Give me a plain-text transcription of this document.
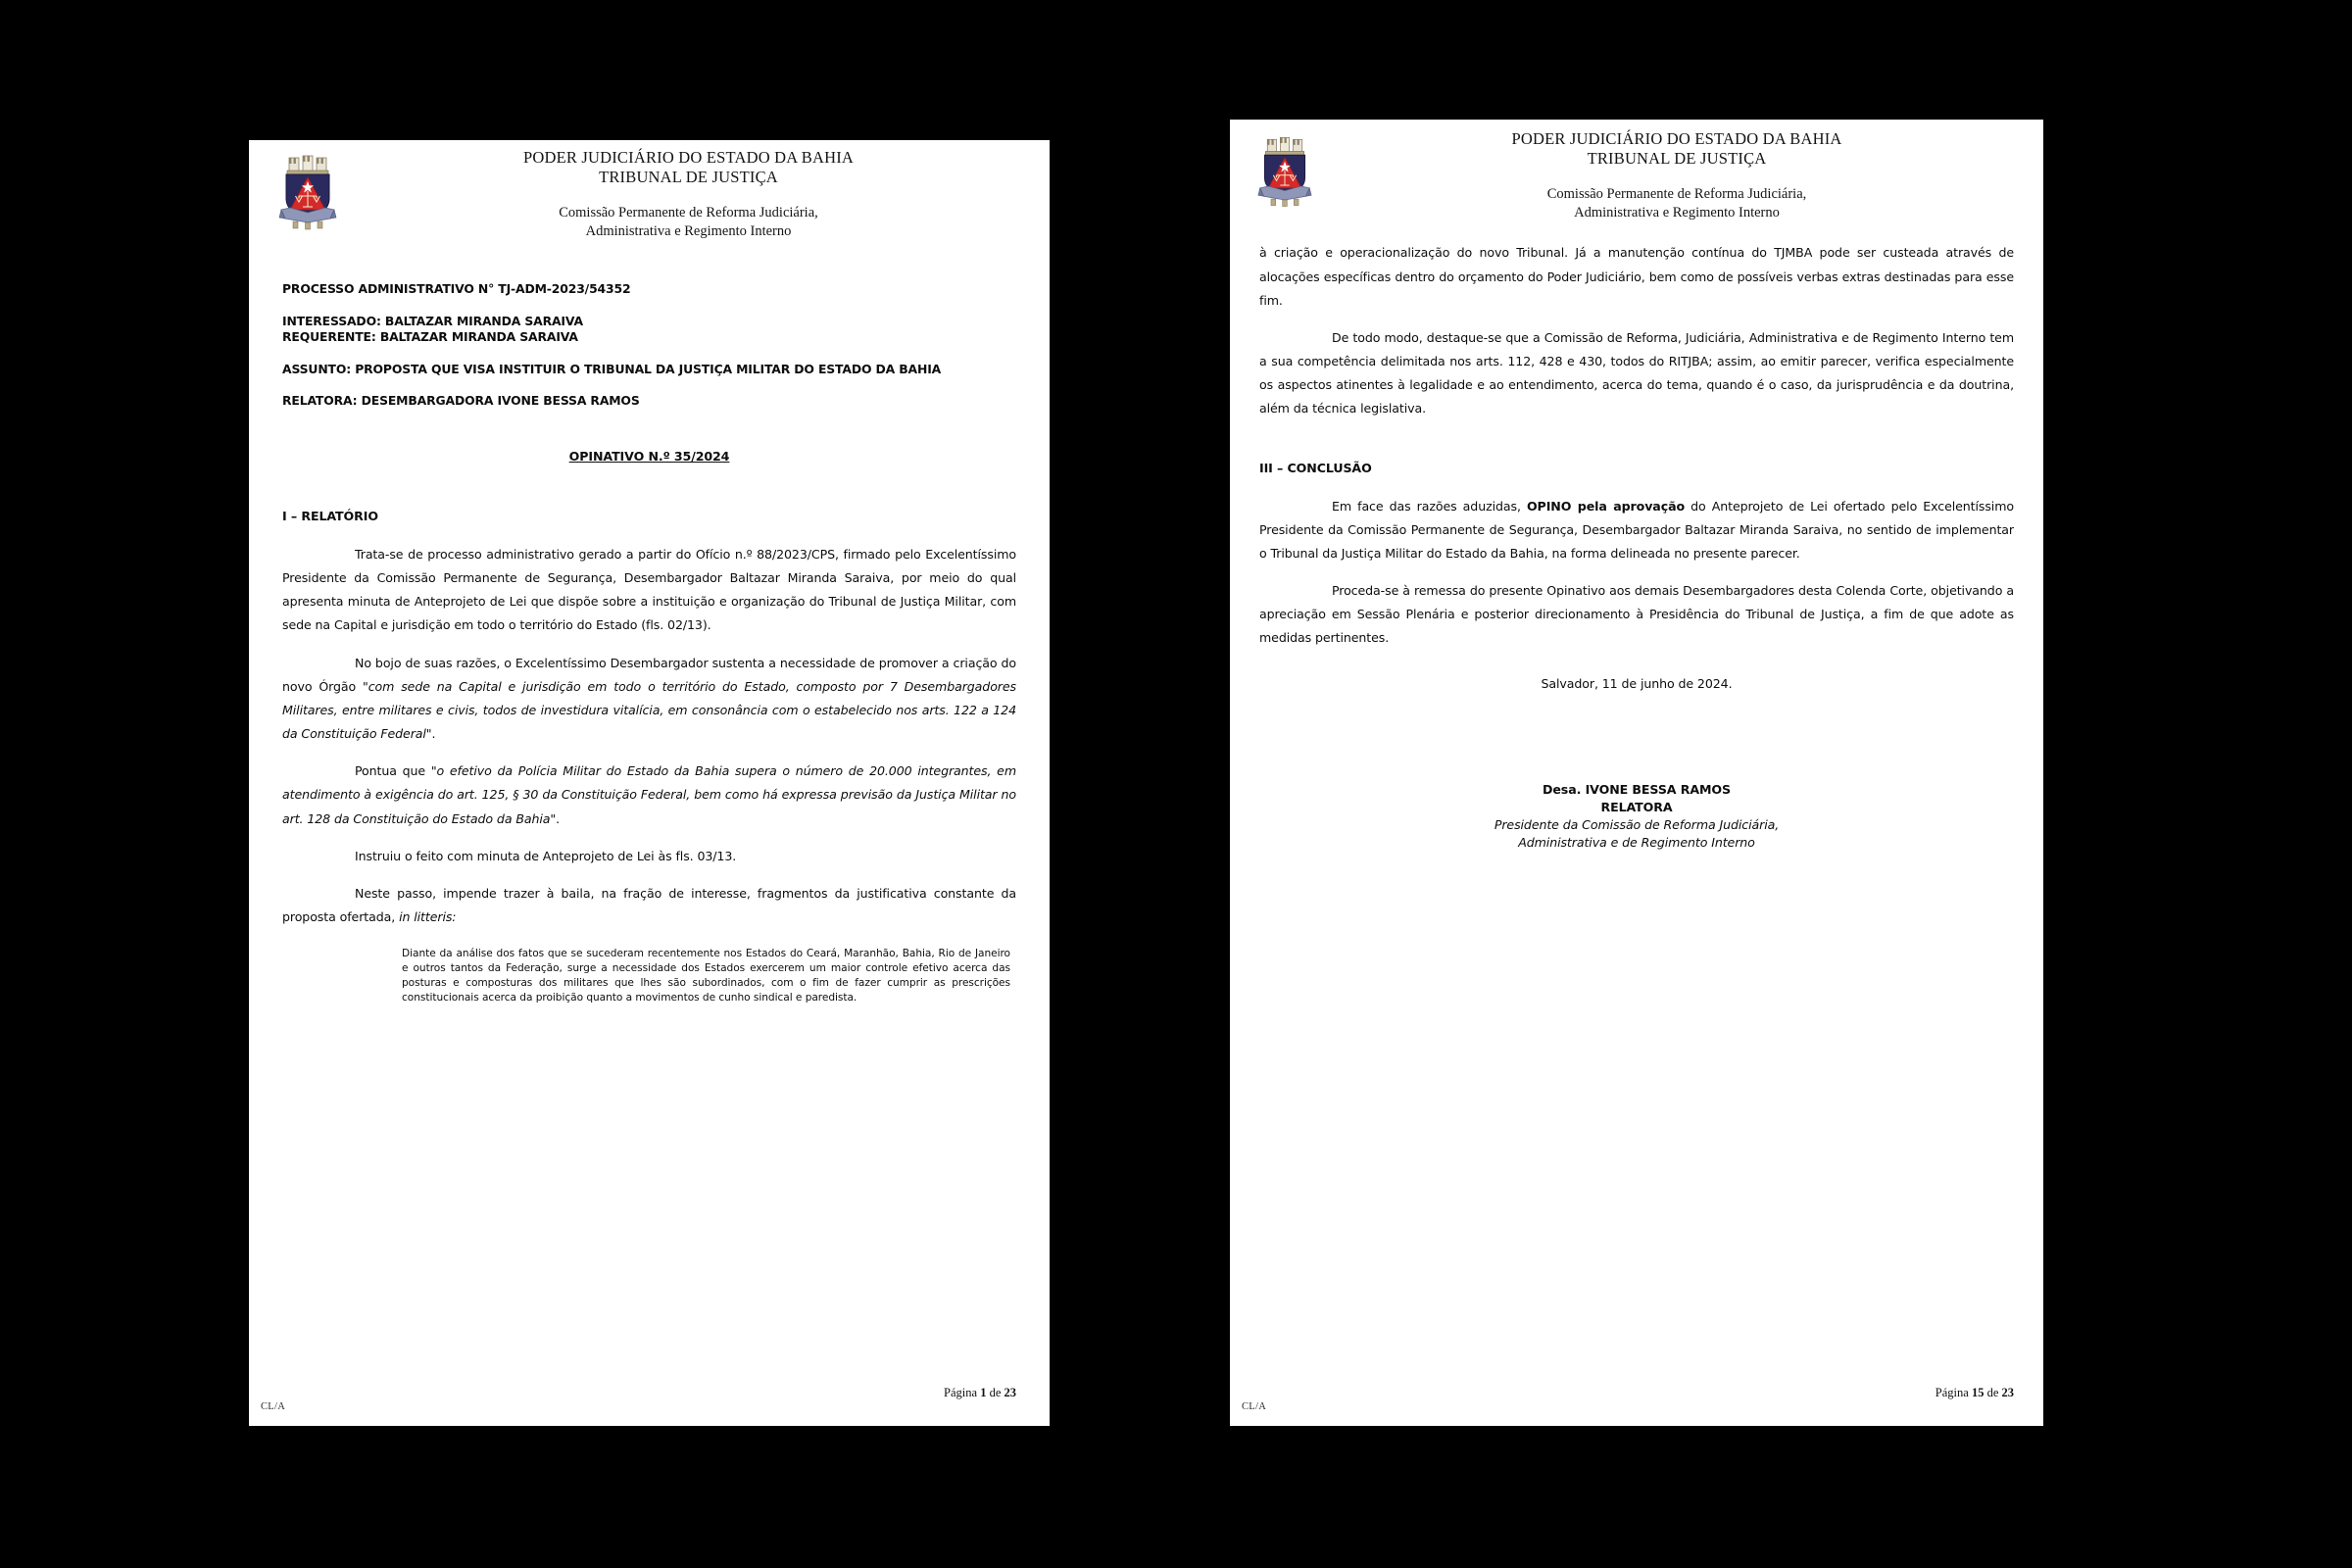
PODER JUDICIÁRIO DO ESTADO DA BAHIA
TRIBUNAL DE JUSTIÇA
Comissão Permanente de Reforma Judiciária,
Administrativa e Regimento Interno
PROCESSO ADMINISTRATIVO N° TJ-ADM-2023/54352
INTERESSADO: BALTAZAR MIRANDA SARAIVA
REQUERENTE: BALTAZAR MIRANDA SARAIVA
ASSUNTO: PROPOSTA QUE VISA INSTITUIR O TRIBUNAL DA JUSTIÇA MILITAR DO ESTADO DA BAHIA
RELATORA: DESEMBARGADORA IVONE BESSA RAMOS
OPINATIVO N.º 35/2024
I – RELATÓRIO

Trata-se de processo administrativo gerado a partir do Ofício n.º 88/2023/CPS, firmado pelo Excelentíssimo Presidente da Comissão Permanente de Segurança, Desembargador Baltazar Miranda Saraiva, por meio do qual apresenta minuta de Anteprojeto de Lei que dispõe sobre a instituição e organização do Tribunal de Justiça Militar, com sede na Capital e jurisdição em todo o território do Estado (fls. 02/13).

No bojo de suas razões, o Excelentíssimo Desembargador sustenta a necessidade de promover a criação do novo Órgão "com sede na Capital e jurisdição em todo o território do Estado, composto por 7 Desembargadores Militares, entre militares e civis, todos de investidura vitalícia, em consonância com o estabelecido nos arts. 122 a 124 da Constituição Federal".

Pontua que "o efetivo da Polícia Militar do Estado da Bahia supera o número de 20.000 integrantes, em atendimento à exigência do art. 125, § 30 da Constituição Federal, bem como há expressa previsão da Justiça Militar no art. 128 da Constituição do Estado da Bahia".

Instruiu o feito com minuta de Anteprojeto de Lei às fls. 03/13.

Neste passo, impende trazer à baila, na fração de interesse, fragmentos da justificativa constante da proposta ofertada, in litteris:

Diante da análise dos fatos que se sucederam recentemente nos Estados do Ceará, Maranhão, Bahia, Rio de Janeiro e outros tantos da Federação, surge a necessidade dos Estados exercerem um maior controle efetivo acerca das posturas e composturas dos militares que lhes são subordinados, com o fim de fazer cumprir as prescrições constitucionais acerca da proibição quanto a movimentos de cunho sindical e paredista.
Página 1 de 23
CL/A
PODER JUDICIÁRIO DO ESTADO DA BAHIA
TRIBUNAL DE JUSTIÇA
Comissão Permanente de Reforma Judiciária,
Administrativa e Regimento Interno

à criação e operacionalização do novo Tribunal. Já a manutenção contínua do TJMBA pode ser custeada através de alocações específicas dentro do orçamento do Poder Judiciário, bem como de possíveis verbas extras destinadas para esse fim.

De todo modo, destaque-se que a Comissão de Reforma, Judiciária, Administrativa e de Regimento Interno tem a sua competência delimitada nos arts. 112, 428 e 430, todos do RITJBA; assim, ao emitir parecer, verifica especialmente os aspectos atinentes à legalidade e ao entendimento, acerca do tema, quando é o caso, da jurisprudência e da doutrina, além da técnica legislativa.

III – CONCLUSÃO

Em face das razões aduzidas, OPINO pela aprovação do Anteprojeto de Lei ofertado pelo Excelentíssimo Presidente da Comissão Permanente de Segurança, Desembargador Baltazar Miranda Saraiva, no sentido de implementar o Tribunal da Justiça Militar do Estado da Bahia, na forma delineada no presente parecer.

Proceda-se à remessa do presente Opinativo aos demais Desembargadores desta Colenda Corte, objetivando a apreciação em Sessão Plenária e posterior direcionamento à Presidência do Tribunal de Justiça, a fim de que adote as medidas pertinentes.

Salvador, 11 de junho de 2024.
Desa. IVONE BESSA RAMOS
RELATORA
Presidente da Comissão de Reforma Judiciária,
Administrativa e de Regimento Interno
Página 15 de 23
CL/A
